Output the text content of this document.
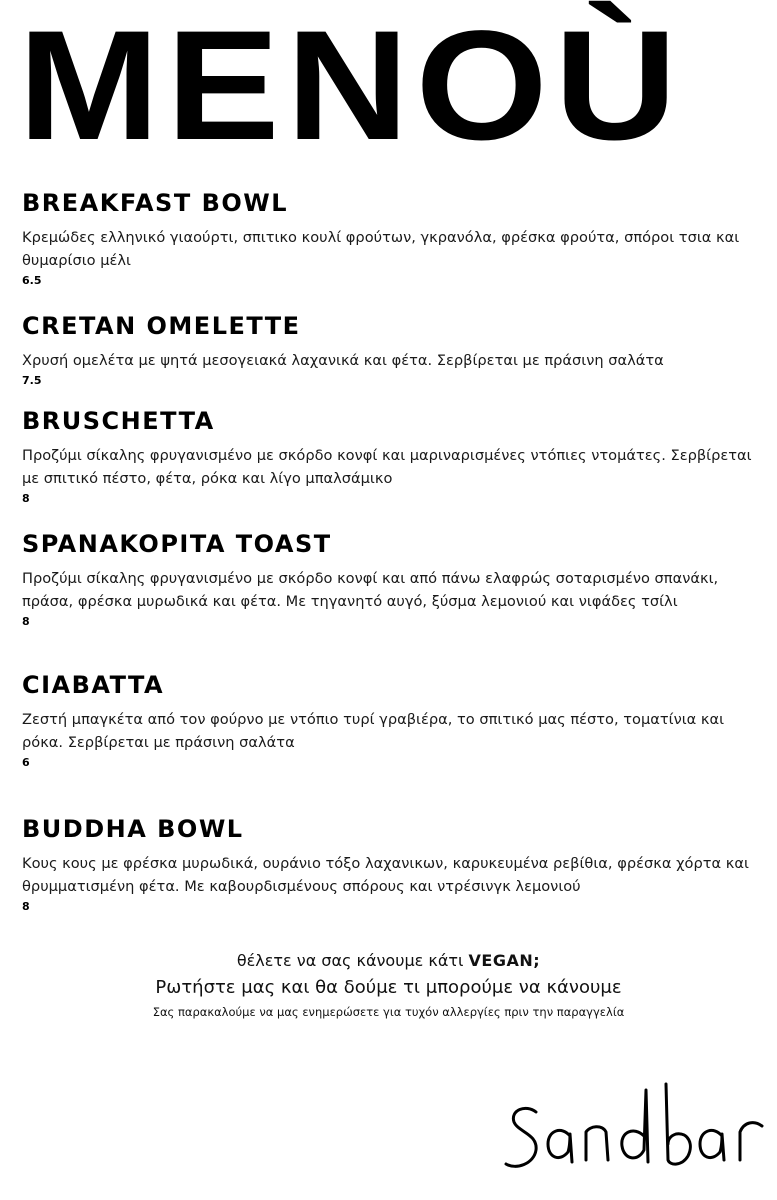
MENOÙ
BREAKFAST BOWL

Κρεμώδες ελληνικό γιαούρτι, σπιτικο κουλί φρούτων, γκρανόλα, φρέσκα φρούτα, σπόροι τσια και θυμαρίσιο μέλι

6.5
CRETAN OMELETTE

Χρυσή ομελέτα με ψητά μεσογειακά λαχανικά και φέτα. Σερβίρεται με πράσινη σαλάτα

7.5
BRUSCHETTA

Προζύμι σίκαλης φρυγανισμένο με σκόρδο κονφί και μαριναρισμένες ντόπιες ντομάτες. Σερβίρεται με σπιτικό πέστο, φέτα, ρόκα και λίγο μπαλσάμικο

8
SPANAKOPITA TOAST

Προζύμι σίκαλης φρυγανισμένο με σκόρδο κονφί και από πάνω ελαφρώς σοταρισμένο σπανάκι, πράσα, φρέσκα μυρωδικά και φέτα. Με τηγανητό αυγό, ξύσμα λεμονιού και νιφάδες τσίλι

8
CIABATTA

Ζεστή μπαγκέτα από τον φούρνο με ντόπιο τυρί γραβιέρα, το σπιτικό μας πέστο, τοματίνια και ρόκα. Σερβίρεται με πράσινη σαλάτα

6
BUDDHA BOWL

Κους κους με φρέσκα μυρωδικά, ουράνιο τόξο λαχανικων, καρυκευμένα ρεβίθια, φρέσκα χόρτα και θρυμματισμένη φέτα. Με καβουρδισμένους σπόρους και ντρέσινγκ λεμονιού

8
θέλετε να σας κάνουμε κάτι VEGAN;
Ρωτήστε μας και θα δούμε τι μπορούμε να κάνουμε
Σας παρακαλούμε να μας ενημερώσετε για τυχόν αλλεργίες πριν την παραγγελία
